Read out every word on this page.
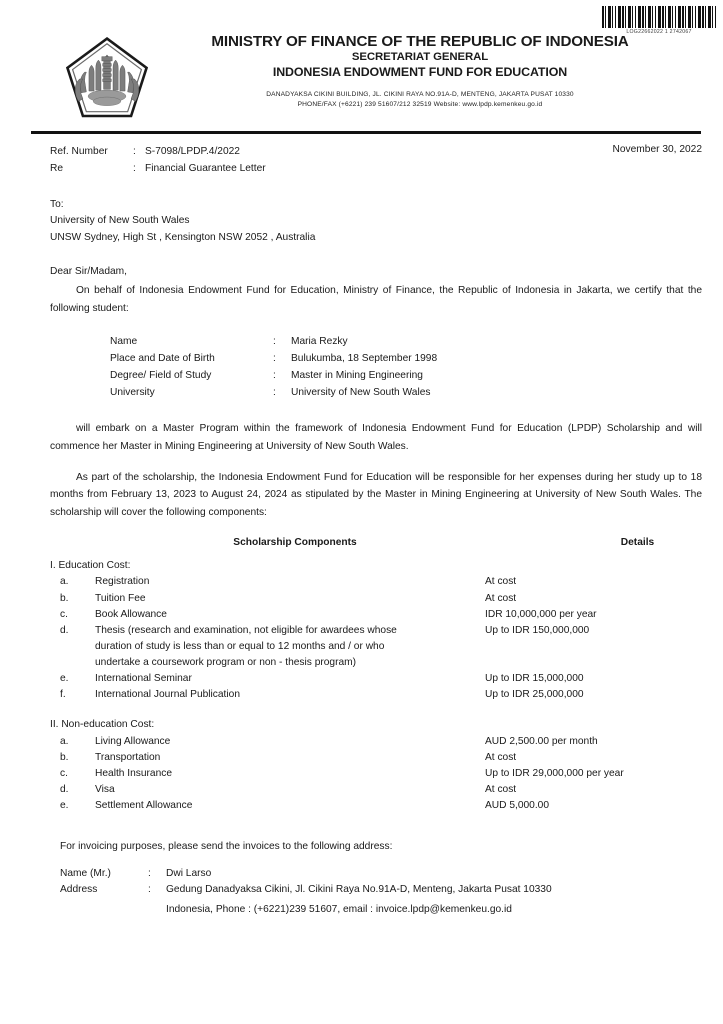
LOG22662022 1 2742067
MINISTRY OF FINANCE OF THE REPUBLIC OF INDONESIA
SECRETARIAT GENERAL
INDONESIA ENDOWMENT FUND FOR EDUCATION
DANADYAKSA CIKINI BUILDING, JL. CIKINI RAYA NO.91A-D, MENTENG, JAKARTA PUSAT 10330
PHONE/FAX (+6221) 239 51607/212 32519 Website: www.lpdp.kemenkeu.go.id
Ref. Number	: S-7098/LPDP.4/2022
Re	: Financial Guarantee Letter
November 30, 2022
To:
University of New South Wales
UNSW Sydney, High St , Kensington NSW 2052 , Australia
Dear Sir/Madam,
On behalf of Indonesia Endowment Fund for Education, Ministry of Finance, the Republic of Indonesia in Jakarta, we certify that the following student:
Name	:	Maria Rezky
Place and Date of Birth	:	Bulukumba, 18 September 1998
Degree/ Field of Study	:	Master in Mining Engineering
University	:	University of New South Wales
will embark on a Master Program within the framework of Indonesia Endowment Fund for Education (LPDP) Scholarship and will commence her Master in Mining Engineering at University of New South Wales.
As part of the scholarship, the Indonesia Endowment Fund for Education will be responsible for her expenses during her study up to 18 months from February 13, 2023 to August 24, 2024 as stipulated by the Master in Mining Engineering at University of New South Wales. The scholarship will cover the following components:
Scholarship Components	Details
I. Education Cost:
a.	Registration	At cost
b.	Tuition Fee	At cost
c.	Book Allowance	IDR 10,000,000 per year
d.	Thesis (research and examination, not eligible for awardees whose
duration of study is less than or equal to 12 months and / or who
undertake a coursework program or non - thesis program)
Up to IDR 150,000,000
e.	International Seminar	Up to IDR 15,000,000
f.	International Journal Publication	Up to IDR 25,000,000
II. Non-education Cost:
a.	Living Allowance	AUD 2,500.00 per month
b.	Transportation	At cost
c.	Health Insurance	Up to IDR 29,000,000 per year
d.	Visa	At cost
e.	Settlement Allowance	AUD 5,000.00
For invoicing purposes, please send the invoices to the following address:
Name (Mr.)	:	Dwi Larso
Address	:	Gedung Danadyaksa Cikini, Jl. Cikini Raya No.91A-D, Menteng, Jakarta Pusat 10330
Indonesia, Phone : (+6221)239 51607, email : invoice.lpdp@kemenkeu.go.id
